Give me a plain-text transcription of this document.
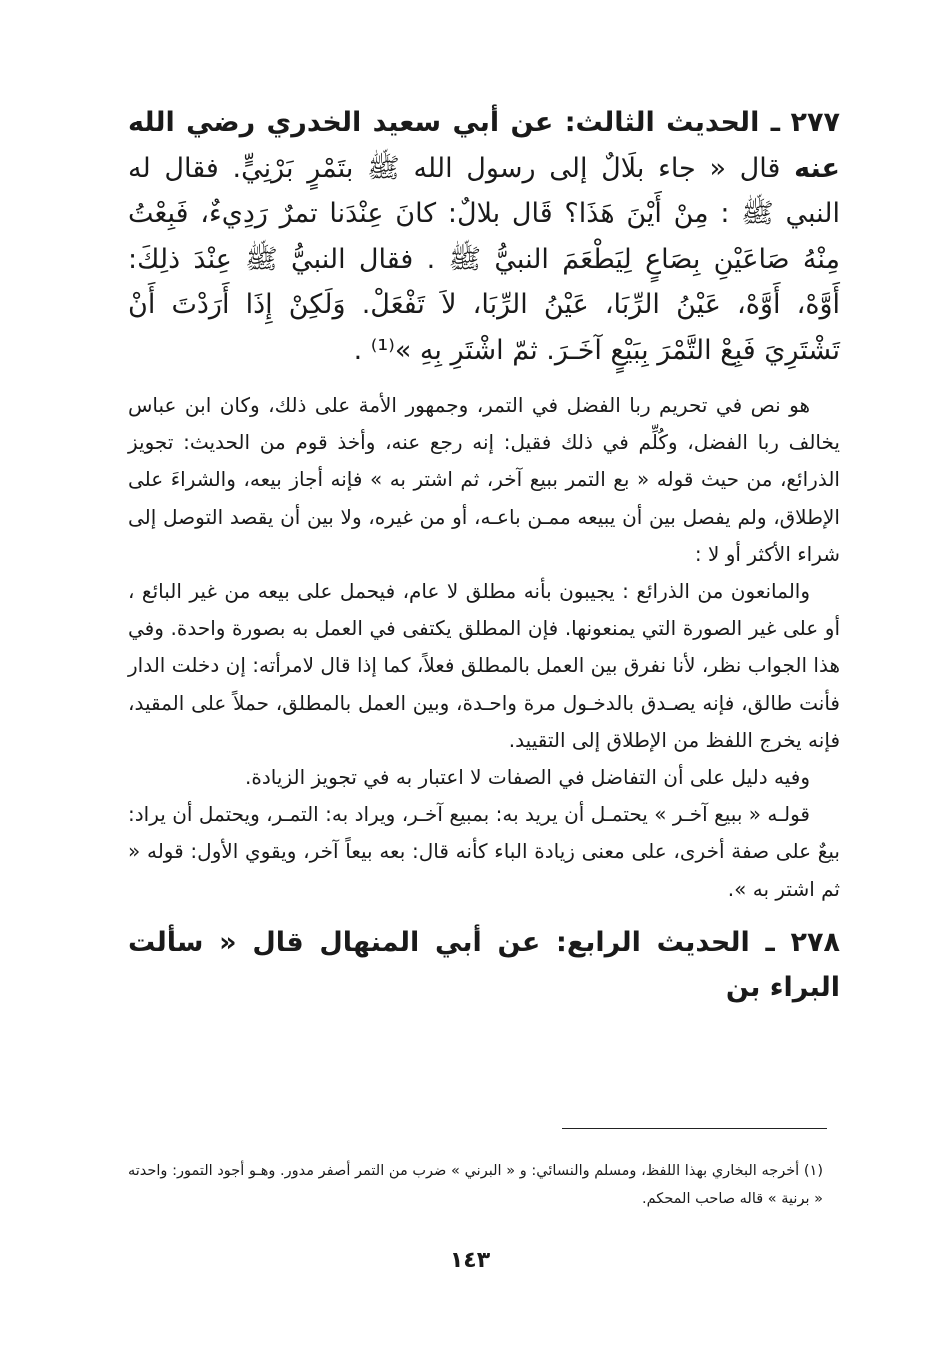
٢٧٧ ـ الحديث الثالث: عن أبي سعيد الخدري رضي الله عنه قال « جاء بلَالٌ إلى رسول الله ﷺ بتَمْرٍ بَرْنِيٍّ. فقال له النبي ﷺ : مِنْ أَيْنَ هَذَا؟ قَال بلالٌ: كانَ عِنْدَنا تمرٌ رَدِيءٌ، فَبِعْتُ مِنْهُ صَاعَيْنِ بِصَاعٍ لِيَطْعَمَ النبيُّ ﷺ . فقال النبيُّ ﷺ عِنْدَ ذلِكَ: أَوَّهْ، أَوَّهْ، عَيْنُ الرِّبَا، عَيْنُ الرِّبَا، لاَ تَفْعَلْ. وَلَكِنْ إِذَا أَرَدْتَ أَنْ تَشْتَرِيَ فَبِعْ التَّمْرَ بِبَيْعٍ آخَـرَ. ثمّ اشْتَرِ بِهِ »⁽¹⁾ .

هو نص في تحريم ربا الفضل في التمر، وجمهور الأمة على ذلك، وكان ابن عباس يخالف ربا الفضل، وكُلِّم في ذلك فقيل: إنه رجع عنه، وأخذ قوم من الحديث: تجويز الذرائع، من حيث قوله « بع التمر ببيع آخر، ثم اشتر به » فإنه أجاز بيعه، والشراءَ على الإطلاق، ولم يفصل بين أن يبيعه ممـن باعـه، أو من غيره، ولا بين أن يقصد التوصل إلى شراء الأكثر أو لا :

والمانعون من الذرائع : يجيبون بأنه مطلق لا عام، فيحمل على بيعه من غير البائع ، أو على غير الصورة التي يمنعونها. فإن المطلق يكتفى في العمل به بصورة واحدة. وفي هذا الجواب نظر، لأنا نفرق بين العمل بالمطلق فعلاً، كما إذا قال لامرأته: إن دخلت الدار فأنت طالق، فإنه يصـدق بالدخـول مرة واحـدة، وبين العمل بالمطلق، حملاً على المقيد، فإنه يخرج اللفظ من الإطلاق إلى التقييد.

وفيه دليل على أن التفاضل في الصفات لا اعتبار به في تجويز الزيادة.

قولـه « ببيع آخـر » يحتمـل أن يريد به: بمبيع آخـر، ويراد به: التمـر، ويحتمل أن يراد: بيعٌ على صفة أخرى، على معنى زيادة الباء كأنه قال: بعه بيعاً آخر، ويقوي الأول: قوله « ثم اشتر به ».

٢٧٨ ـ الحديث الرابع: عن أبي المنهال قال « سألت البراء بن

(١) أخرجه البخاري بهذا اللفظ، ومسلم والنسائي: و « البرني » ضرب من التمر أصفر مدور. وهـو أجود التمور: واحدته « برنية » قاله صاحب المحكم.

١٤٣
